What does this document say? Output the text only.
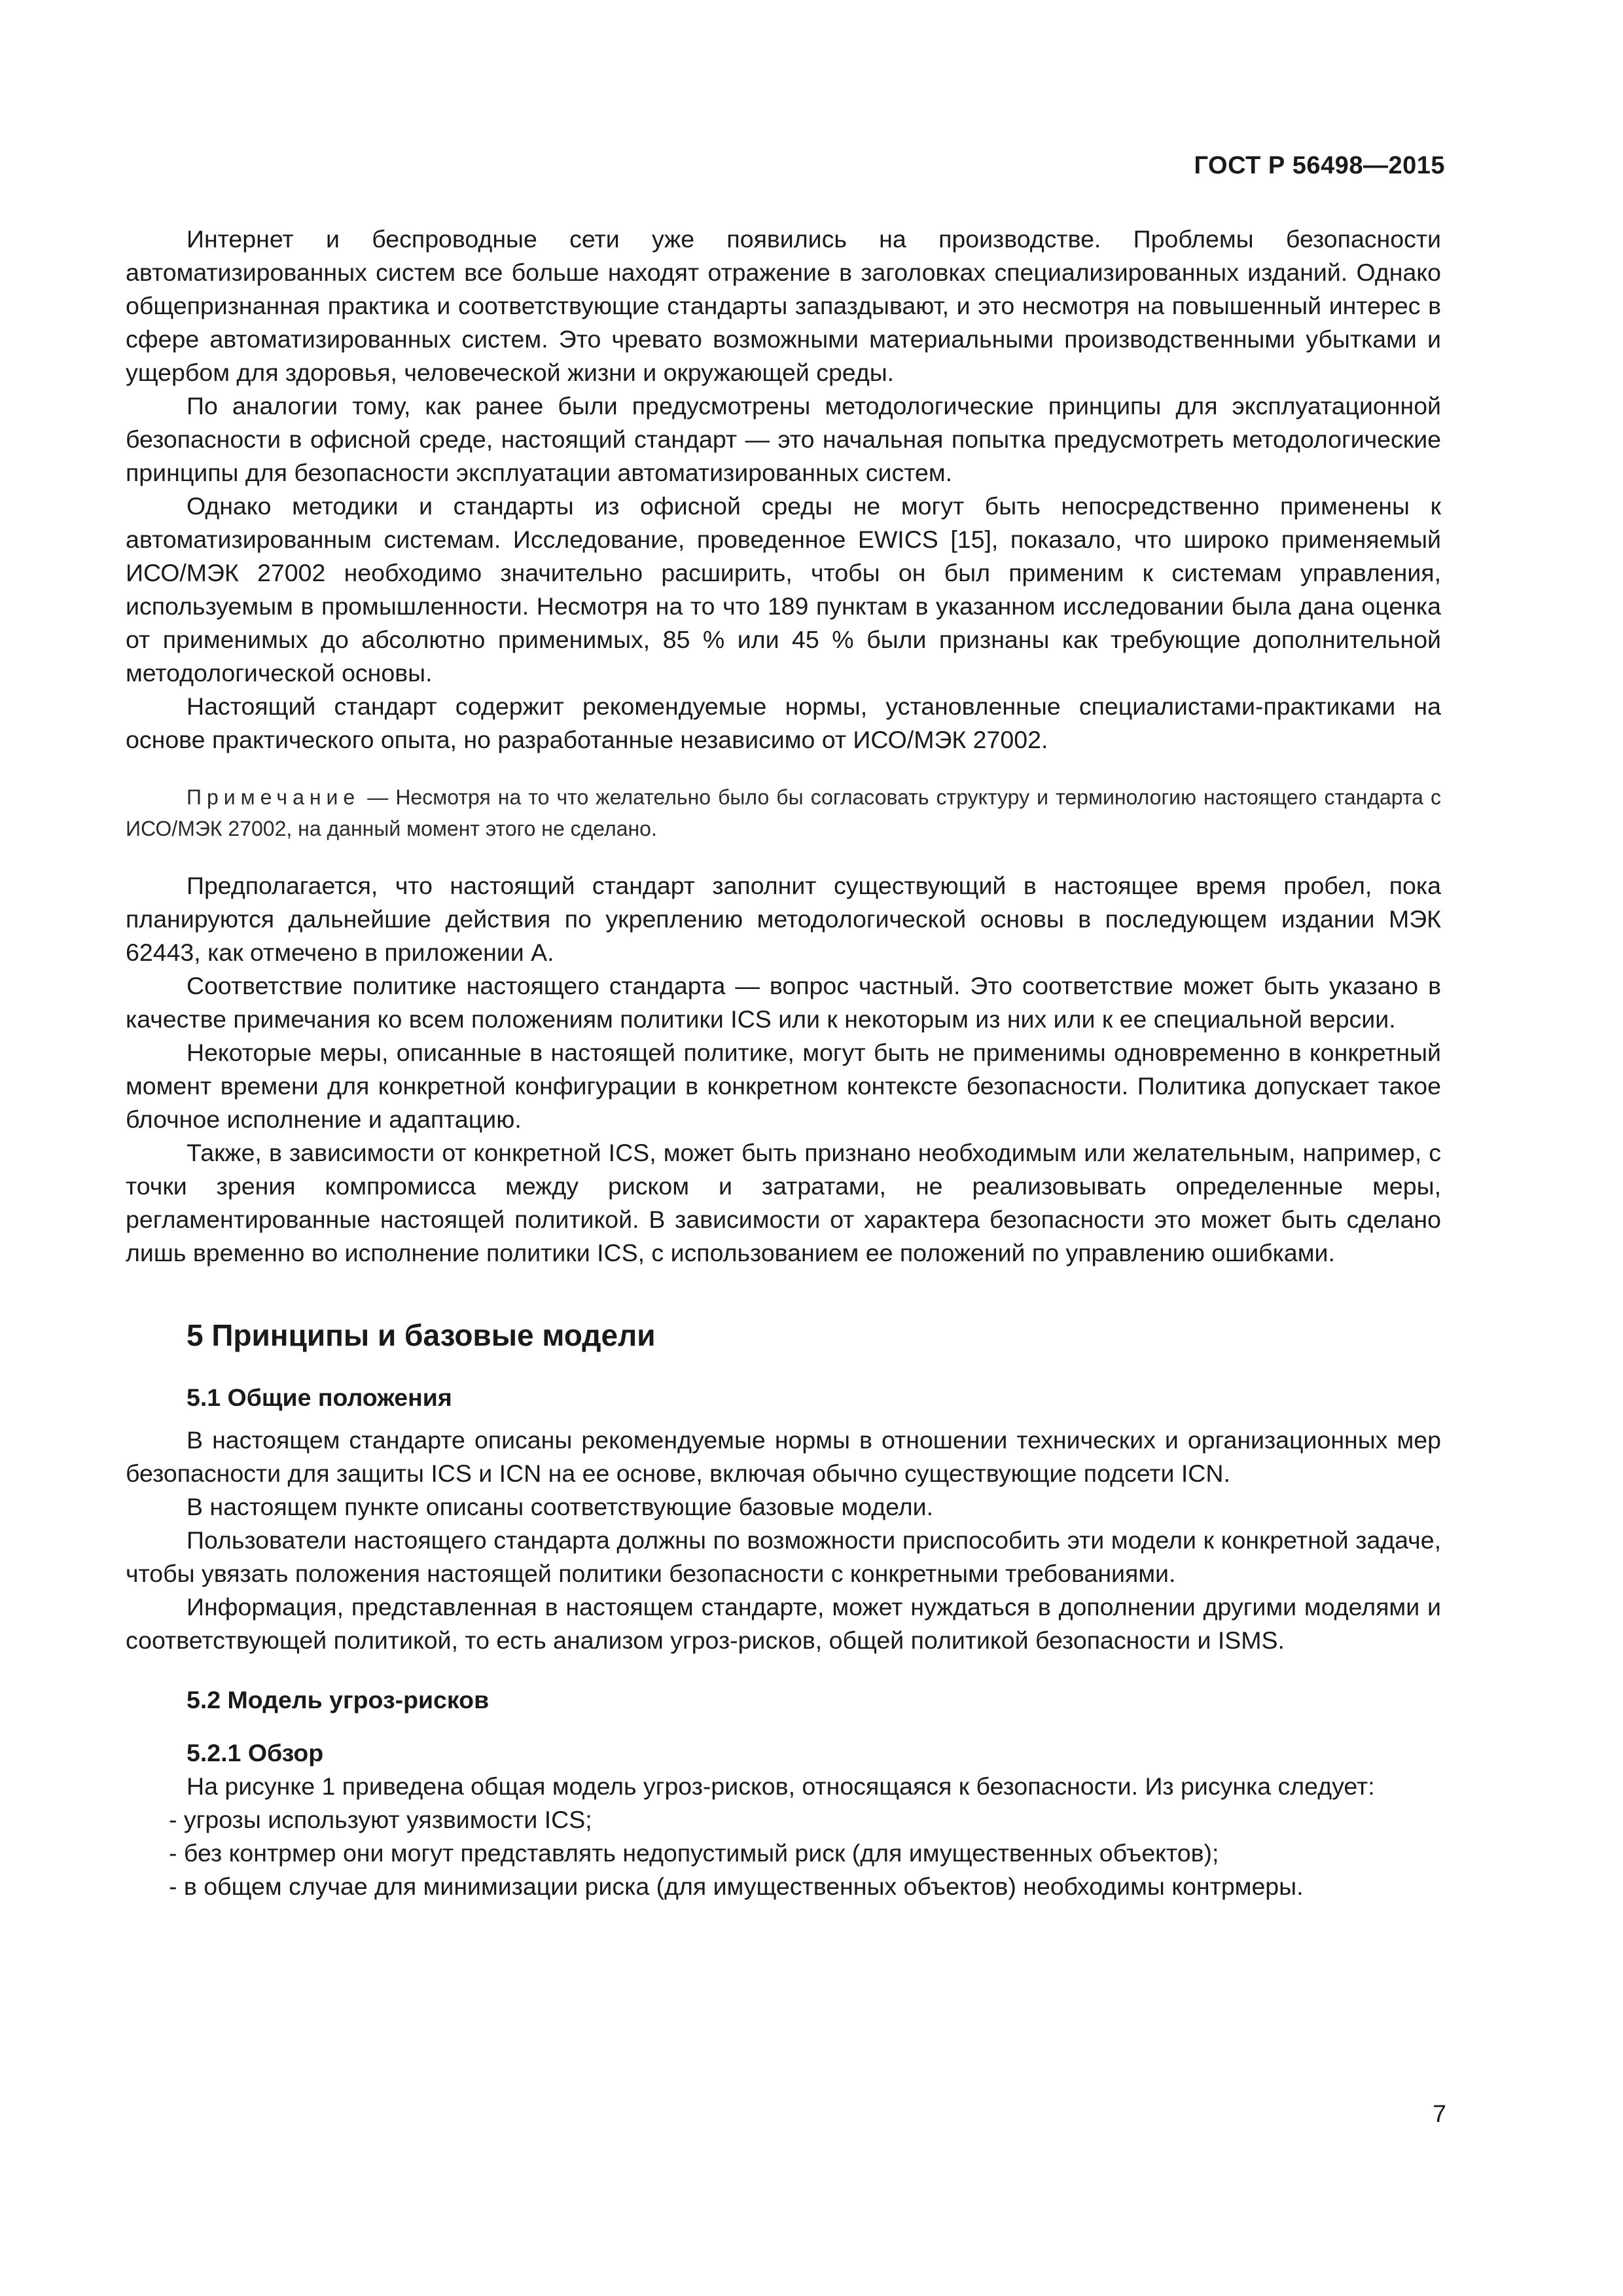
ГОСТ Р 56498—2015

Интернет и беспроводные сети уже появились на производстве. Проблемы безопасности автоматизированных систем все больше находят отражение в заголовках специализированных изданий. Однако общепризнанная практика и соответствующие стандарты запаздывают, и это несмотря на повышенный интерес в сфере автоматизированных систем. Это чревато возможными материальными производственными убытками и ущербом для здоровья, человеческой жизни и окружающей среды.

По аналогии тому, как ранее были предусмотрены методологические принципы для эксплуатационной безопасности в офисной среде, настоящий стандарт — это начальная попытка предусмотреть методологические принципы для безопасности эксплуатации автоматизированных систем.

Однако методики и стандарты из офисной среды не могут быть непосредственно применены к автоматизированным системам. Исследование, проведенное EWICS [15], показало, что широко применяемый ИСО/МЭК 27002 необходимо значительно расширить, чтобы он был применим к системам управления, используемым в промышленности. Несмотря на то что 189 пунктам в указанном исследовании была дана оценка от применимых до абсолютно применимых, 85 % или 45 % были признаны как требующие дополнительной методологической основы.

Настоящий стандарт содержит рекомендуемые нормы, установленные специалистами-практиками на основе практического опыта, но разработанные независимо от ИСО/МЭК 27002.

Примечание — Несмотря на то что желательно было бы согласовать структуру и терминологию настоящего стандарта с ИСО/МЭК 27002, на данный момент этого не сделано.

Предполагается, что настоящий стандарт заполнит существующий в настоящее время пробел, пока планируются дальнейшие действия по укреплению методологической основы в последующем издании МЭК 62443, как отмечено в приложении А.

Соответствие политике настоящего стандарта — вопрос частный. Это соответствие может быть указано в качестве примечания ко всем положениям политики ICS или к некоторым из них или к ее специальной версии.

Некоторые меры, описанные в настоящей политике, могут быть не применимы одновременно в конкретный момент времени для конкретной конфигурации в конкретном контексте безопасности. Политика допускает такое блочное исполнение и адаптацию.

Также, в зависимости от конкретной ICS, может быть признано необходимым или желательным, например, с точки зрения компромисса между риском и затратами, не реализовывать определенные меры, регламентированные настоящей политикой. В зависимости от характера безопасности это может быть сделано лишь временно во исполнение политики ICS, с использованием ее положений по управлению ошибками.

5 Принципы и базовые модели
5.1 Общие положения

В настоящем стандарте описаны рекомендуемые нормы в отношении технических и организационных мер безопасности для защиты ICS и ICN на ее основе, включая обычно существующие подсети ICN.

В настоящем пункте описаны соответствующие базовые модели.

Пользователи настоящего стандарта должны по возможности приспособить эти модели к конкретной задаче, чтобы увязать положения настоящей политики безопасности с конкретными требованиями.

Информация, представленная в настоящем стандарте, может нуждаться в дополнении другими моделями и соответствующей политикой, то есть анализом угроз-рисков, общей политикой безопасности и ISMS.

5.2 Модель угроз-рисков
5.2.1 Обзор

На рисунке 1 приведена общая модель угроз-рисков, относящаяся к безопасности. Из рисунка следует:

- угрозы используют уязвимости ICS;

- без контрмер они могут представлять недопустимый риск (для имущественных объектов);

- в общем случае для минимизации риска (для имущественных объектов) необходимы контрмеры.

7
